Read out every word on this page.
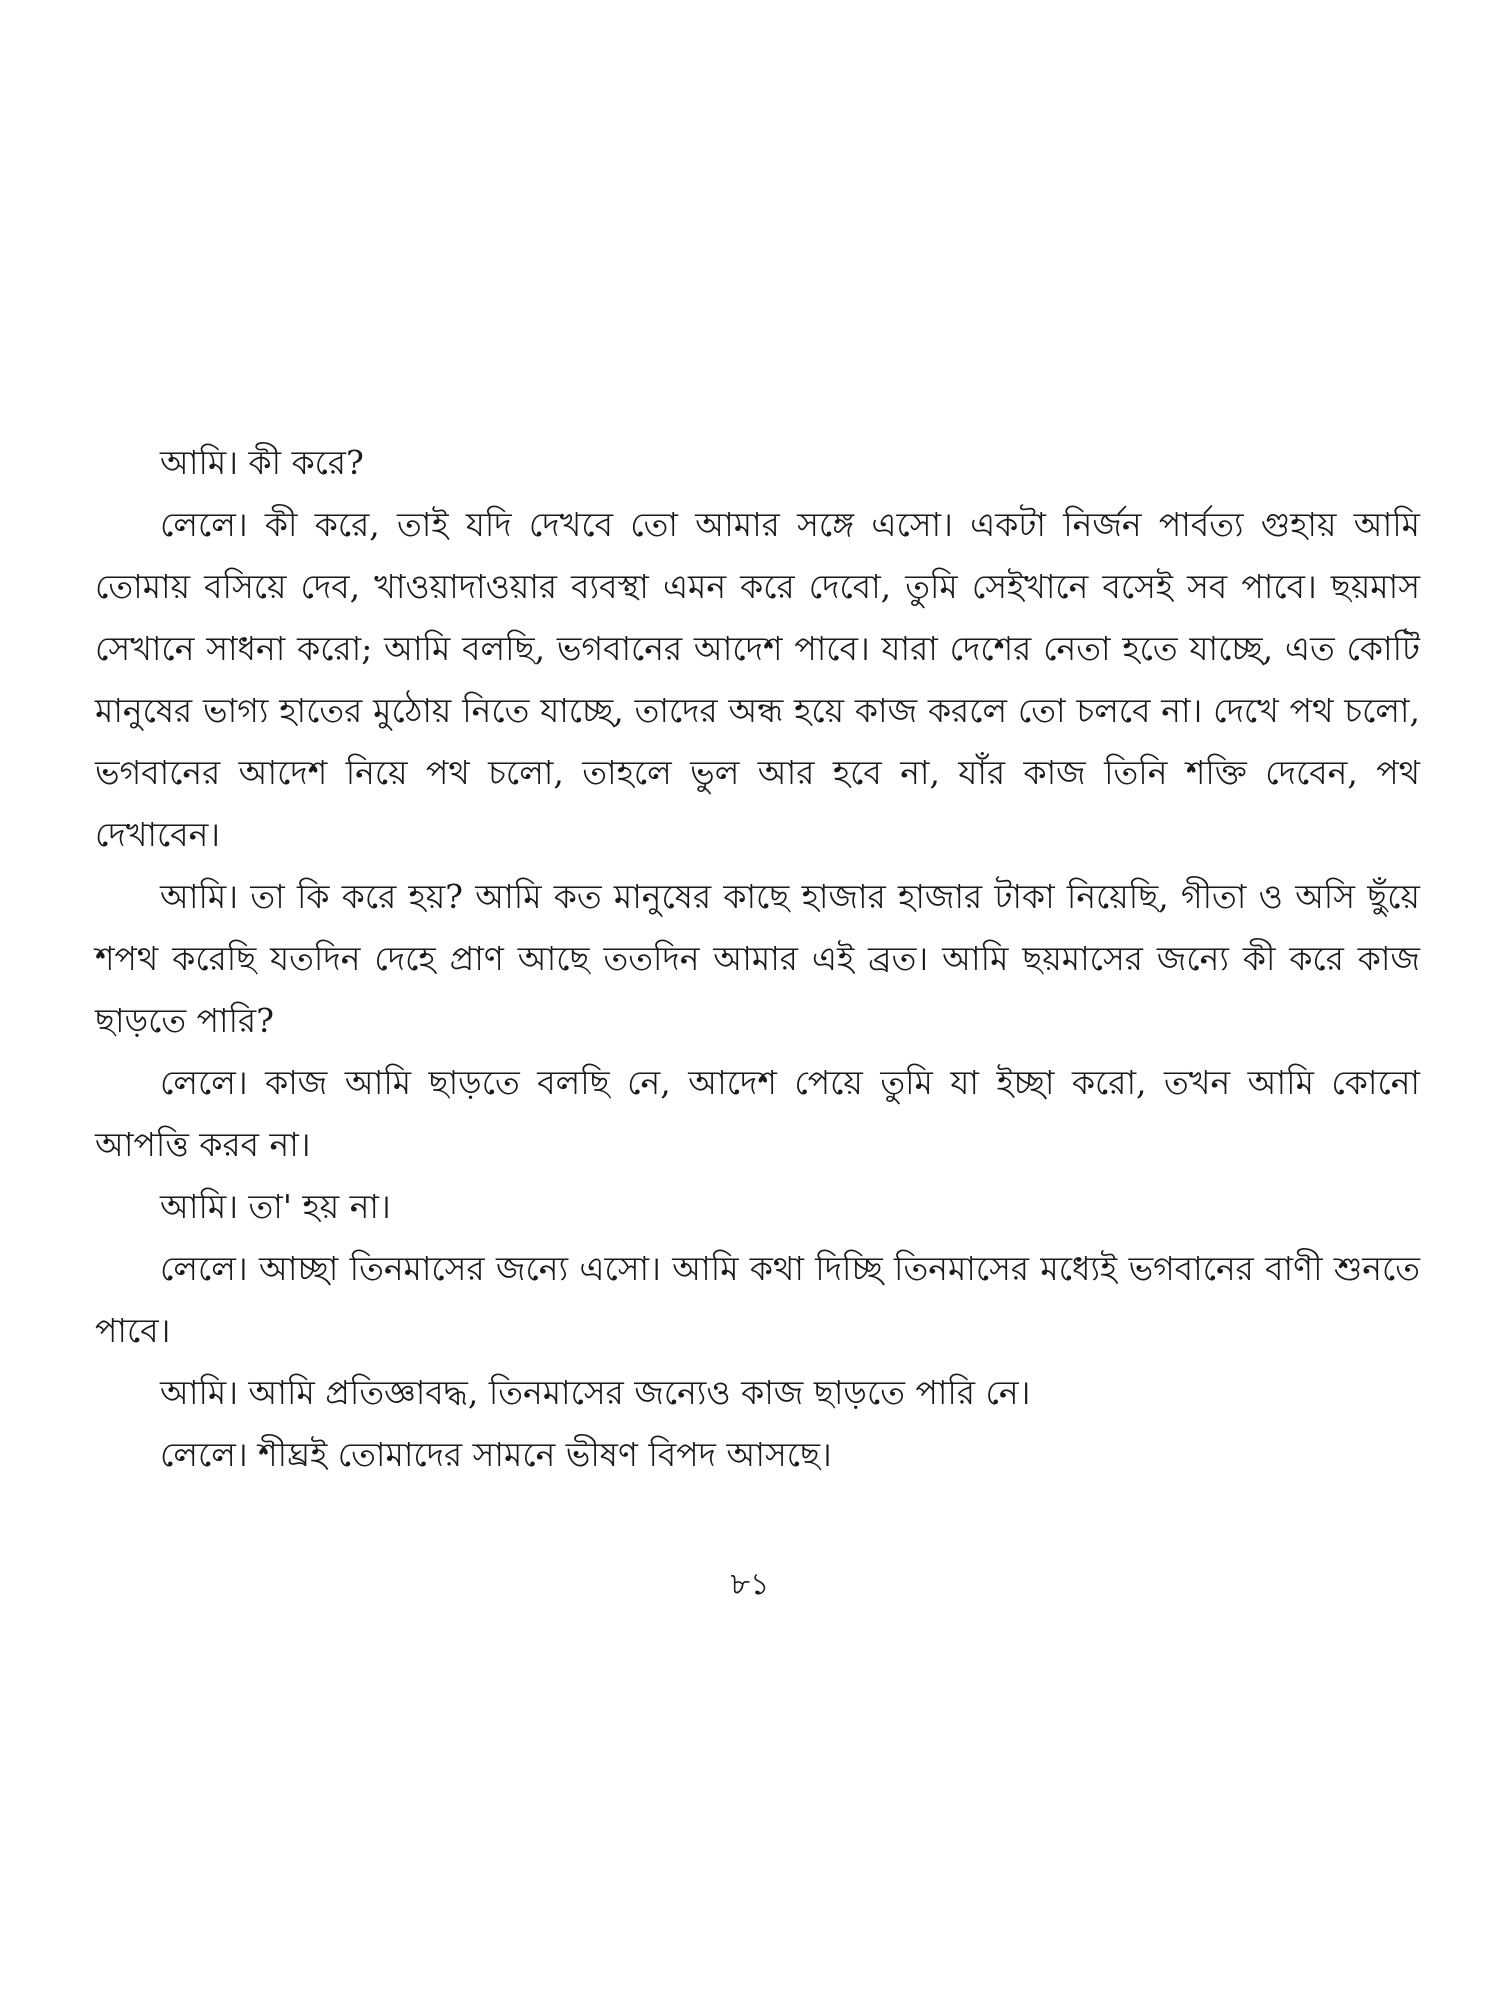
আমি। কী করে?

লেলে। কী করে, তাই যদি দেখবে তো আমার সঙ্গে এসো। একটা নির্জন পার্বত্য গুহায় আমি তোমায় বসিয়ে দেব, খাওয়াদাওয়ার ব্যবস্থা এমন করে দেবো, তুমি সেইখানে বসেই সব পাবে। ছয়মাস সেখানে সাধনা করো; আমি বলছি, ভগবানের আদেশ পাবে। যারা দেশের নেতা হতে যাচ্ছে, এত কোটি মানুষের ভাগ্য হাতের মুঠোয় নিতে যাচ্ছে, তাদের অন্ধ হয়ে কাজ করলে তো চলবে না। দেখে পথ চলো, ভগবানের আদেশ নিয়ে পথ চলো, তাহলে ভুল আর হবে না, যাঁর কাজ তিনি শক্তি দেবেন, পথ দেখাবেন।

আমি। তা কি করে হয়? আমি কত মানুষের কাছে হাজার হাজার টাকা নিয়েছি, গীতা ও অসি ছুঁয়ে শপথ করেছি যতদিন দেহে প্রাণ আছে ততদিন আমার এই ব্রত। আমি ছয়মাসের জন্যে কী করে কাজ ছাড়তে পারি?

লেলে। কাজ আমি ছাড়তে বলছি নে, আদেশ পেয়ে তুমি যা ইচ্ছা করো, তখন আমি কোনো আপত্তি করব না।

আমি। তা' হয় না।

লেলে। আচ্ছা তিনমাসের জন্যে এসো। আমি কথা দিচ্ছি তিনমাসের মধ্যেই ভগবানের বাণী শুনতে পাবে।

আমি। আমি প্রতিজ্ঞাবদ্ধ, তিনমাসের জন্যেও কাজ ছাড়তে পারি নে।

লেলে। শীঘ্রই তোমাদের সামনে ভীষণ বিপদ আসছে।

৮১
